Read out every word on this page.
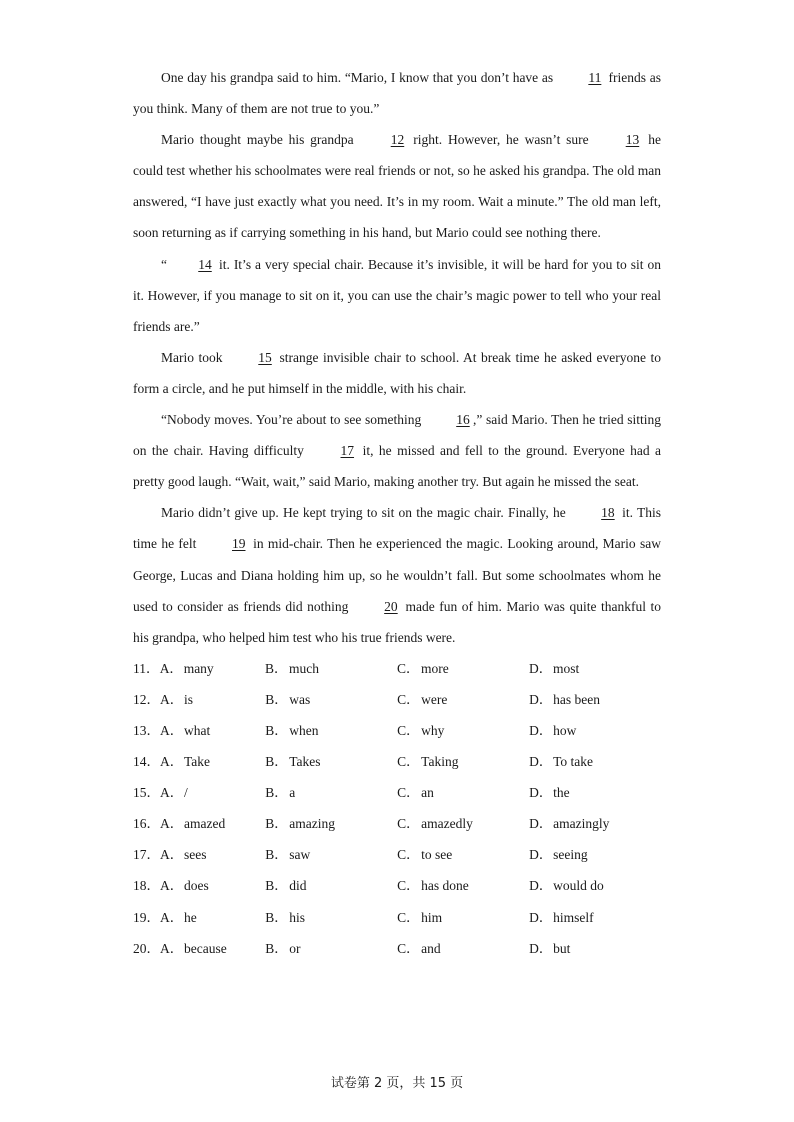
One day his grandpa said to him. “Mario, I know that you don’t have as 11 friends as you think. Many of them are not true to you.”

Mario thought maybe his grandpa 12 right. However, he wasn’t sure 13 he could test whether his schoolmates were real friends or not, so he asked his grandpa. The old man answered, “I have just exactly what you need. It’s in my room. Wait a minute.” The old man left, soon returning as if carrying something in his hand, but Mario could see nothing there.

“ 14 it. It’s a very special chair. Because it’s invisible, it will be hard for you to sit on it. However, if you manage to sit on it, you can use the chair’s magic power to tell who your real friends are.”

Mario took 15 strange invisible chair to school. At break time he asked everyone to form a circle, and he put himself in the middle, with his chair.

“Nobody moves. You’re about to see something 16 ,” said Mario. Then he tried sitting on the chair. Having difficulty 17 it, he missed and fell to the ground. Everyone had a pretty good laugh. “Wait, wait,” said Mario, making another try. But again he missed the seat.

Mario didn’t give up. He kept trying to sit on the magic chair. Finally, he 18 it. This time he felt 19 in mid-chair. Then he experienced the magic. Looking around, Mario saw George, Lucas and Diana holding him up, so he wouldn’t fall. But some schoolmates whom he used to consider as friends did nothing 20 made fun of him. Mario was quite thankful to his grandpa, who helped him test who his true friends were.

11． A． many	B． much	C． more	D． most
12． A． is	B． was	C． were	D． has been
13． A． what	B． when	C． why	D． how
14． A． Take	B． Takes	C． Taking	D． To take
15． A． /	B． a	C． an	D． the
16． A． amazed	B． amazing	C． amazedly	D． amazingly
17． A． sees	B． saw	C． to see	D． seeing
18． A． does	B． did	C． has done	D． would do
19． A． he	B． his	C． him	D． himself
20． A． because	B． or	C． and	D． but
试卷第 2 页，共 15 页
